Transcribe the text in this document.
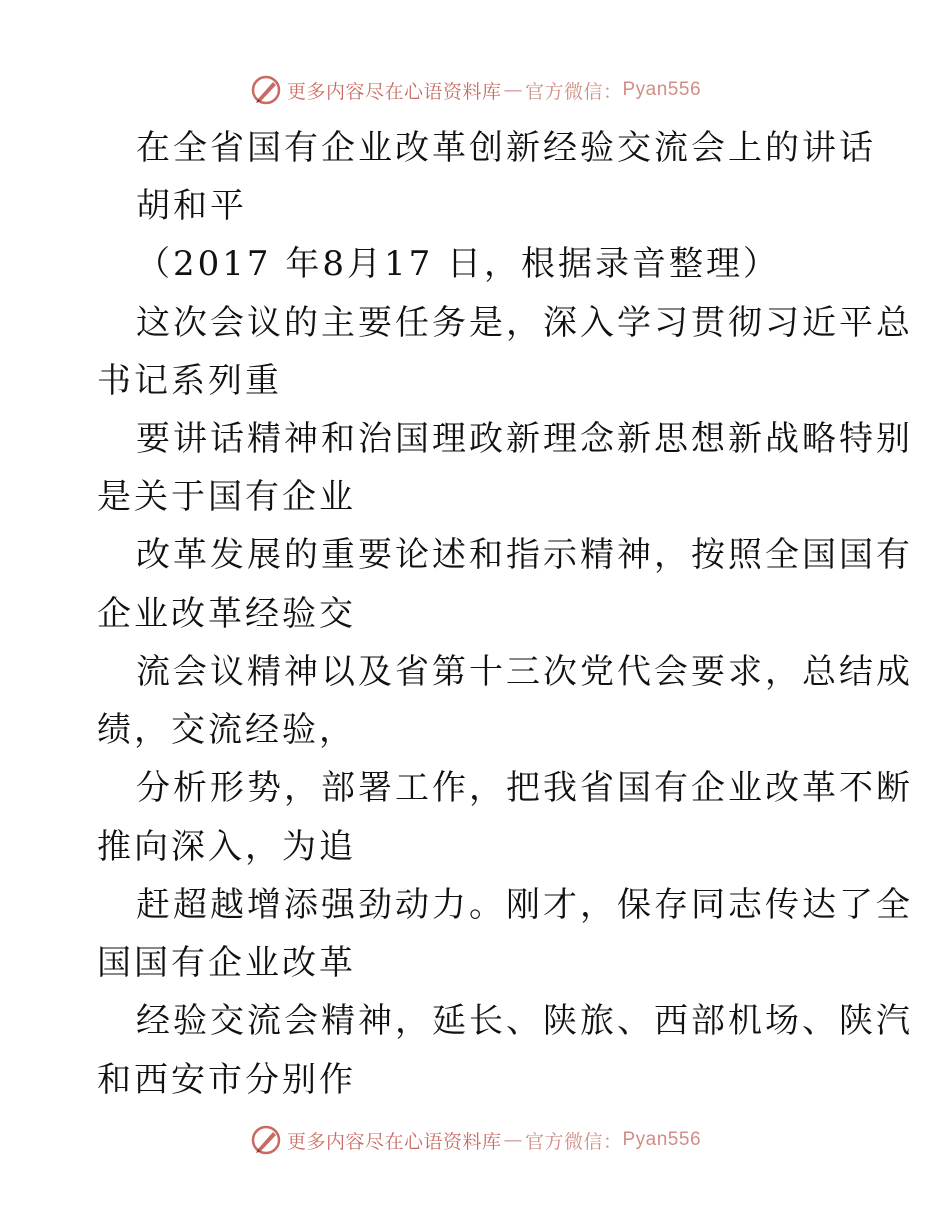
更多内容尽在心语资料库 — 官方微信： Pyan556
在全省国有企业改革创新经验交流会上的讲话
胡和平
（2017 年8月17 日，根据录音整理）
这次会议的主要任务是，深入学习贯彻习近平总
书记系列重
要讲话精神和治国理政新理念新思想新战略特别
是关于国有企业
改革发展的重要论述和指示精神，按照全国国有
企业改革经验交
流会议精神以及省第十三次党代会要求，总结成
绩，交流经验，
分析形势，部署工作，把我省国有企业改革不断
推向深入，为追
赶超越增添强劲动力。刚才，保存同志传达了全
国国有企业改革
经验交流会精神，延长、陕旅、西部机场、陕汽
和西安市分别作
更多内容尽在心语资料库 — 官方微信： Pyan556
